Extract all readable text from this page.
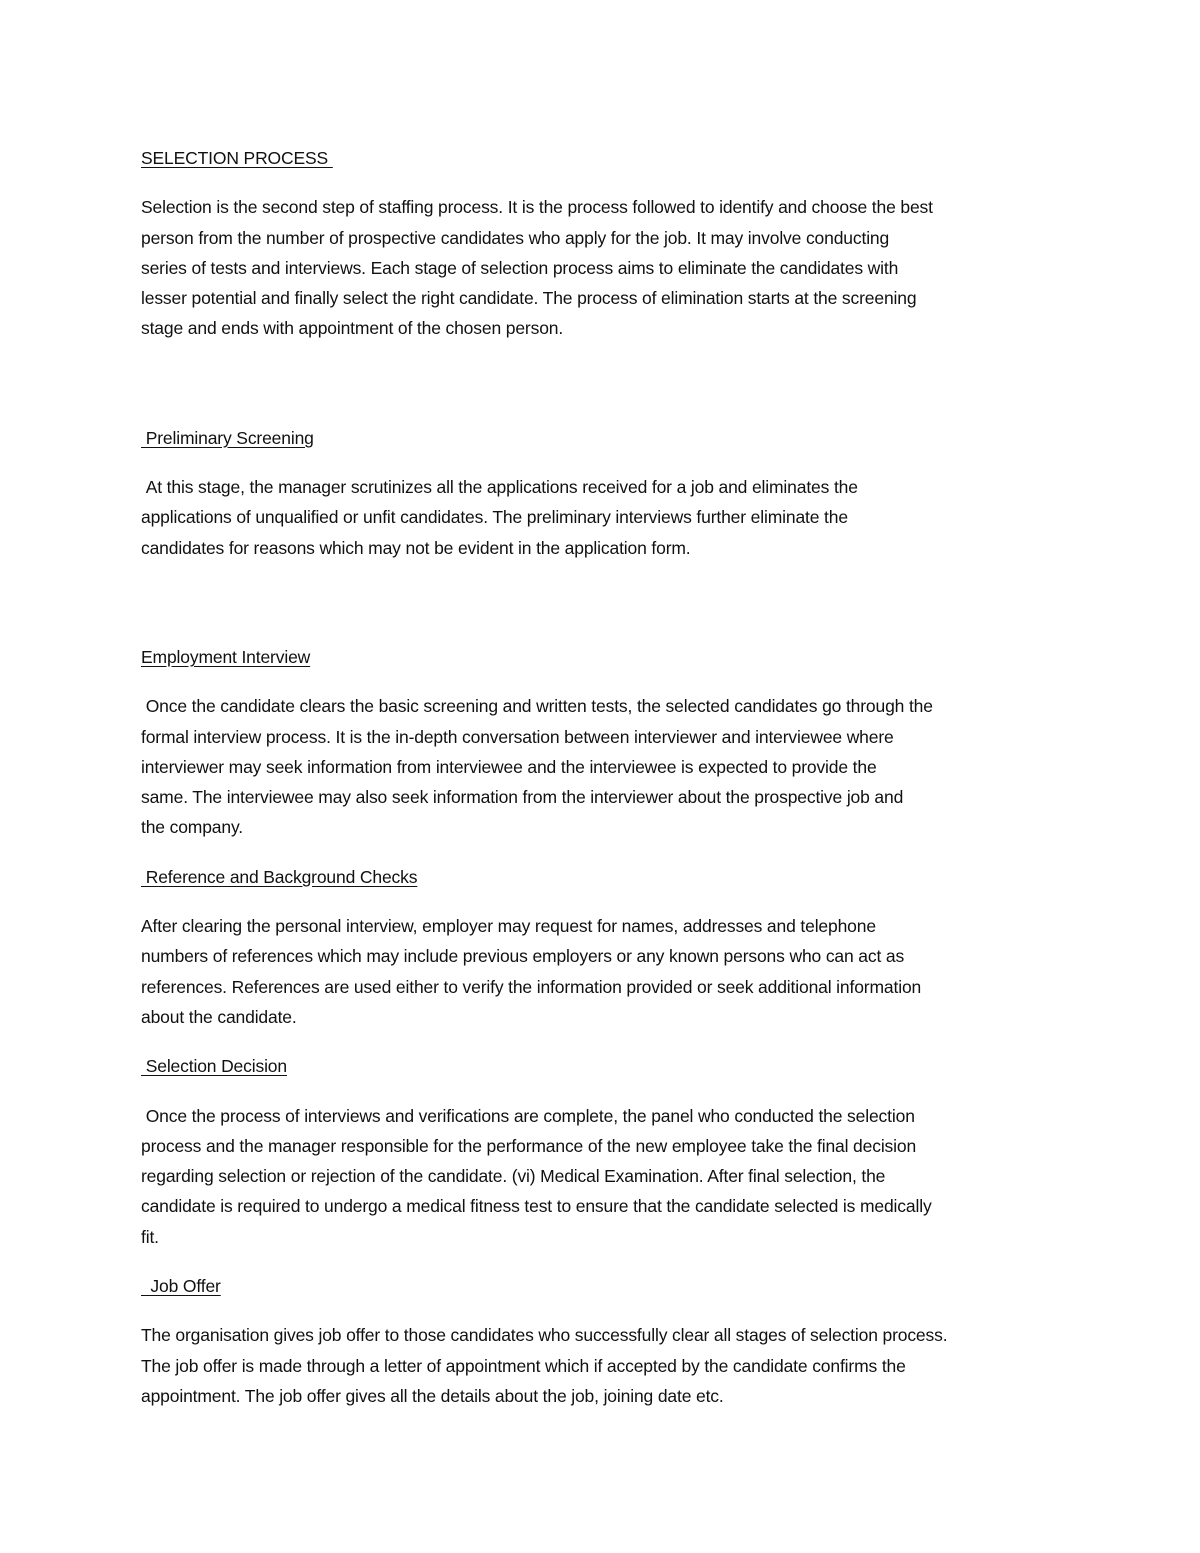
SELECTION PROCESS

Selection is the second step of staffing process. It is the process followed to identify and choose the best
person from the number of prospective candidates who apply for the job. It may involve conducting
series of tests and interviews. Each stage of selection process aims to eliminate the candidates with
lesser potential and finally select the right candidate. The process of elimination starts at the screening
stage and ends with appointment of the chosen person.

Preliminary Screening

At this stage, the manager scrutinizes all the applications received for a job and eliminates the
applications of unqualified or unfit candidates. The preliminary interviews further eliminate the
candidates for reasons which may not be evident in the application form.

Employment Interview

Once the candidate clears the basic screening and written tests, the selected candidates go through the
formal interview process. It is the in-depth conversation between interviewer and interviewee where
interviewer may seek information from interviewee and the interviewee is expected to provide the
same. The interviewee may also seek information from the interviewer about the prospective job and
the company.

Reference and Background Checks

After clearing the personal interview, employer may request for names, addresses and telephone
numbers of references which may include previous employers or any known persons who can act as
references. References are used either to verify the information provided or seek additional information
about the candidate.

Selection Decision

Once the process of interviews and verifications are complete, the panel who conducted the selection
process and the manager responsible for the performance of the new employee take the final decision
regarding selection or rejection of the candidate. (vi) Medical Examination. After final selection, the
candidate is required to undergo a medical fitness test to ensure that the candidate selected is medically
fit.

Job Offer

The organisation gives job offer to those candidates who successfully clear all stages of selection process.
The job offer is made through a letter of appointment which if accepted by the candidate confirms the
appointment. The job offer gives all the details about the job, joining date etc.
